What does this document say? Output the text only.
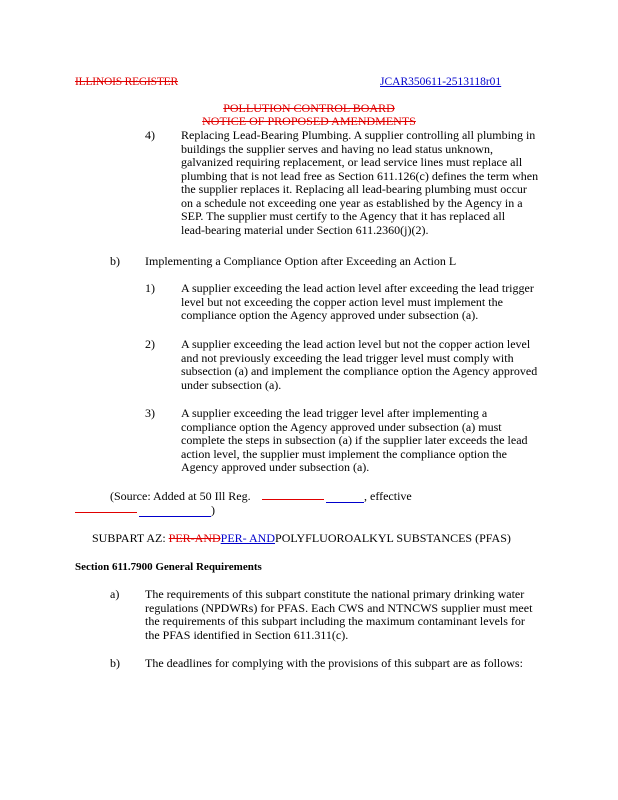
ILLINOIS REGISTER	JCAR350611-2513118r01
POLLUTION CONTROL BOARD
NOTICE OF PROPOSED AMENDMENTS
4) Replacing Lead-Bearing Plumbing. A supplier controlling all plumbing in
buildings the supplier serves and having no lead status unknown,
galvanized requiring replacement, or lead service lines must replace all
plumbing that is not lead free as Section 611.126(c) defines the term when
the supplier replaces it. Replacing all lead-bearing plumbing must occur
on a schedule not exceeding one year as established by the Agency in a
SEP. The supplier must certify to the Agency that it has replaced all
lead-bearing material under Section 611.2360(j)(2).
b) Implementing a Compliance Option after Exceeding an Action L
1) A supplier exceeding the lead action level after exceeding the lead trigger
level but not exceeding the copper action level must implement the
compliance option the Agency approved under subsection (a).
2) A supplier exceeding the lead action level but not the copper action level
and not previously exceeding the lead trigger level must comply with
subsection (a) and implement the compliance option the Agency approved
under subsection (a).
3) A supplier exceeding the lead trigger level after implementing a
compliance option the Agency approved under subsection (a) must
complete the steps in subsection (a) if the supplier later exceeds the lead
action level, the supplier must implement the compliance option the
Agency approved under subsection (a).
(Source: Added at 50 Ill Reg.	, effective
)
SUBPART AZ: PER-ANDPER- ANDPOLYFLUOROALKYL SUBSTANCES (PFAS)
Section 611.7900 General Requirements
a) The requirements of this subpart constitute the national primary drinking water
regulations (NPDWRs) for PFAS. Each CWS and NTNCWS supplier must meet
the requirements of this subpart including the maximum contaminant levels for
the PFAS identified in Section 611.311(c).
b) The deadlines for complying with the provisions of this subpart are as follows:
